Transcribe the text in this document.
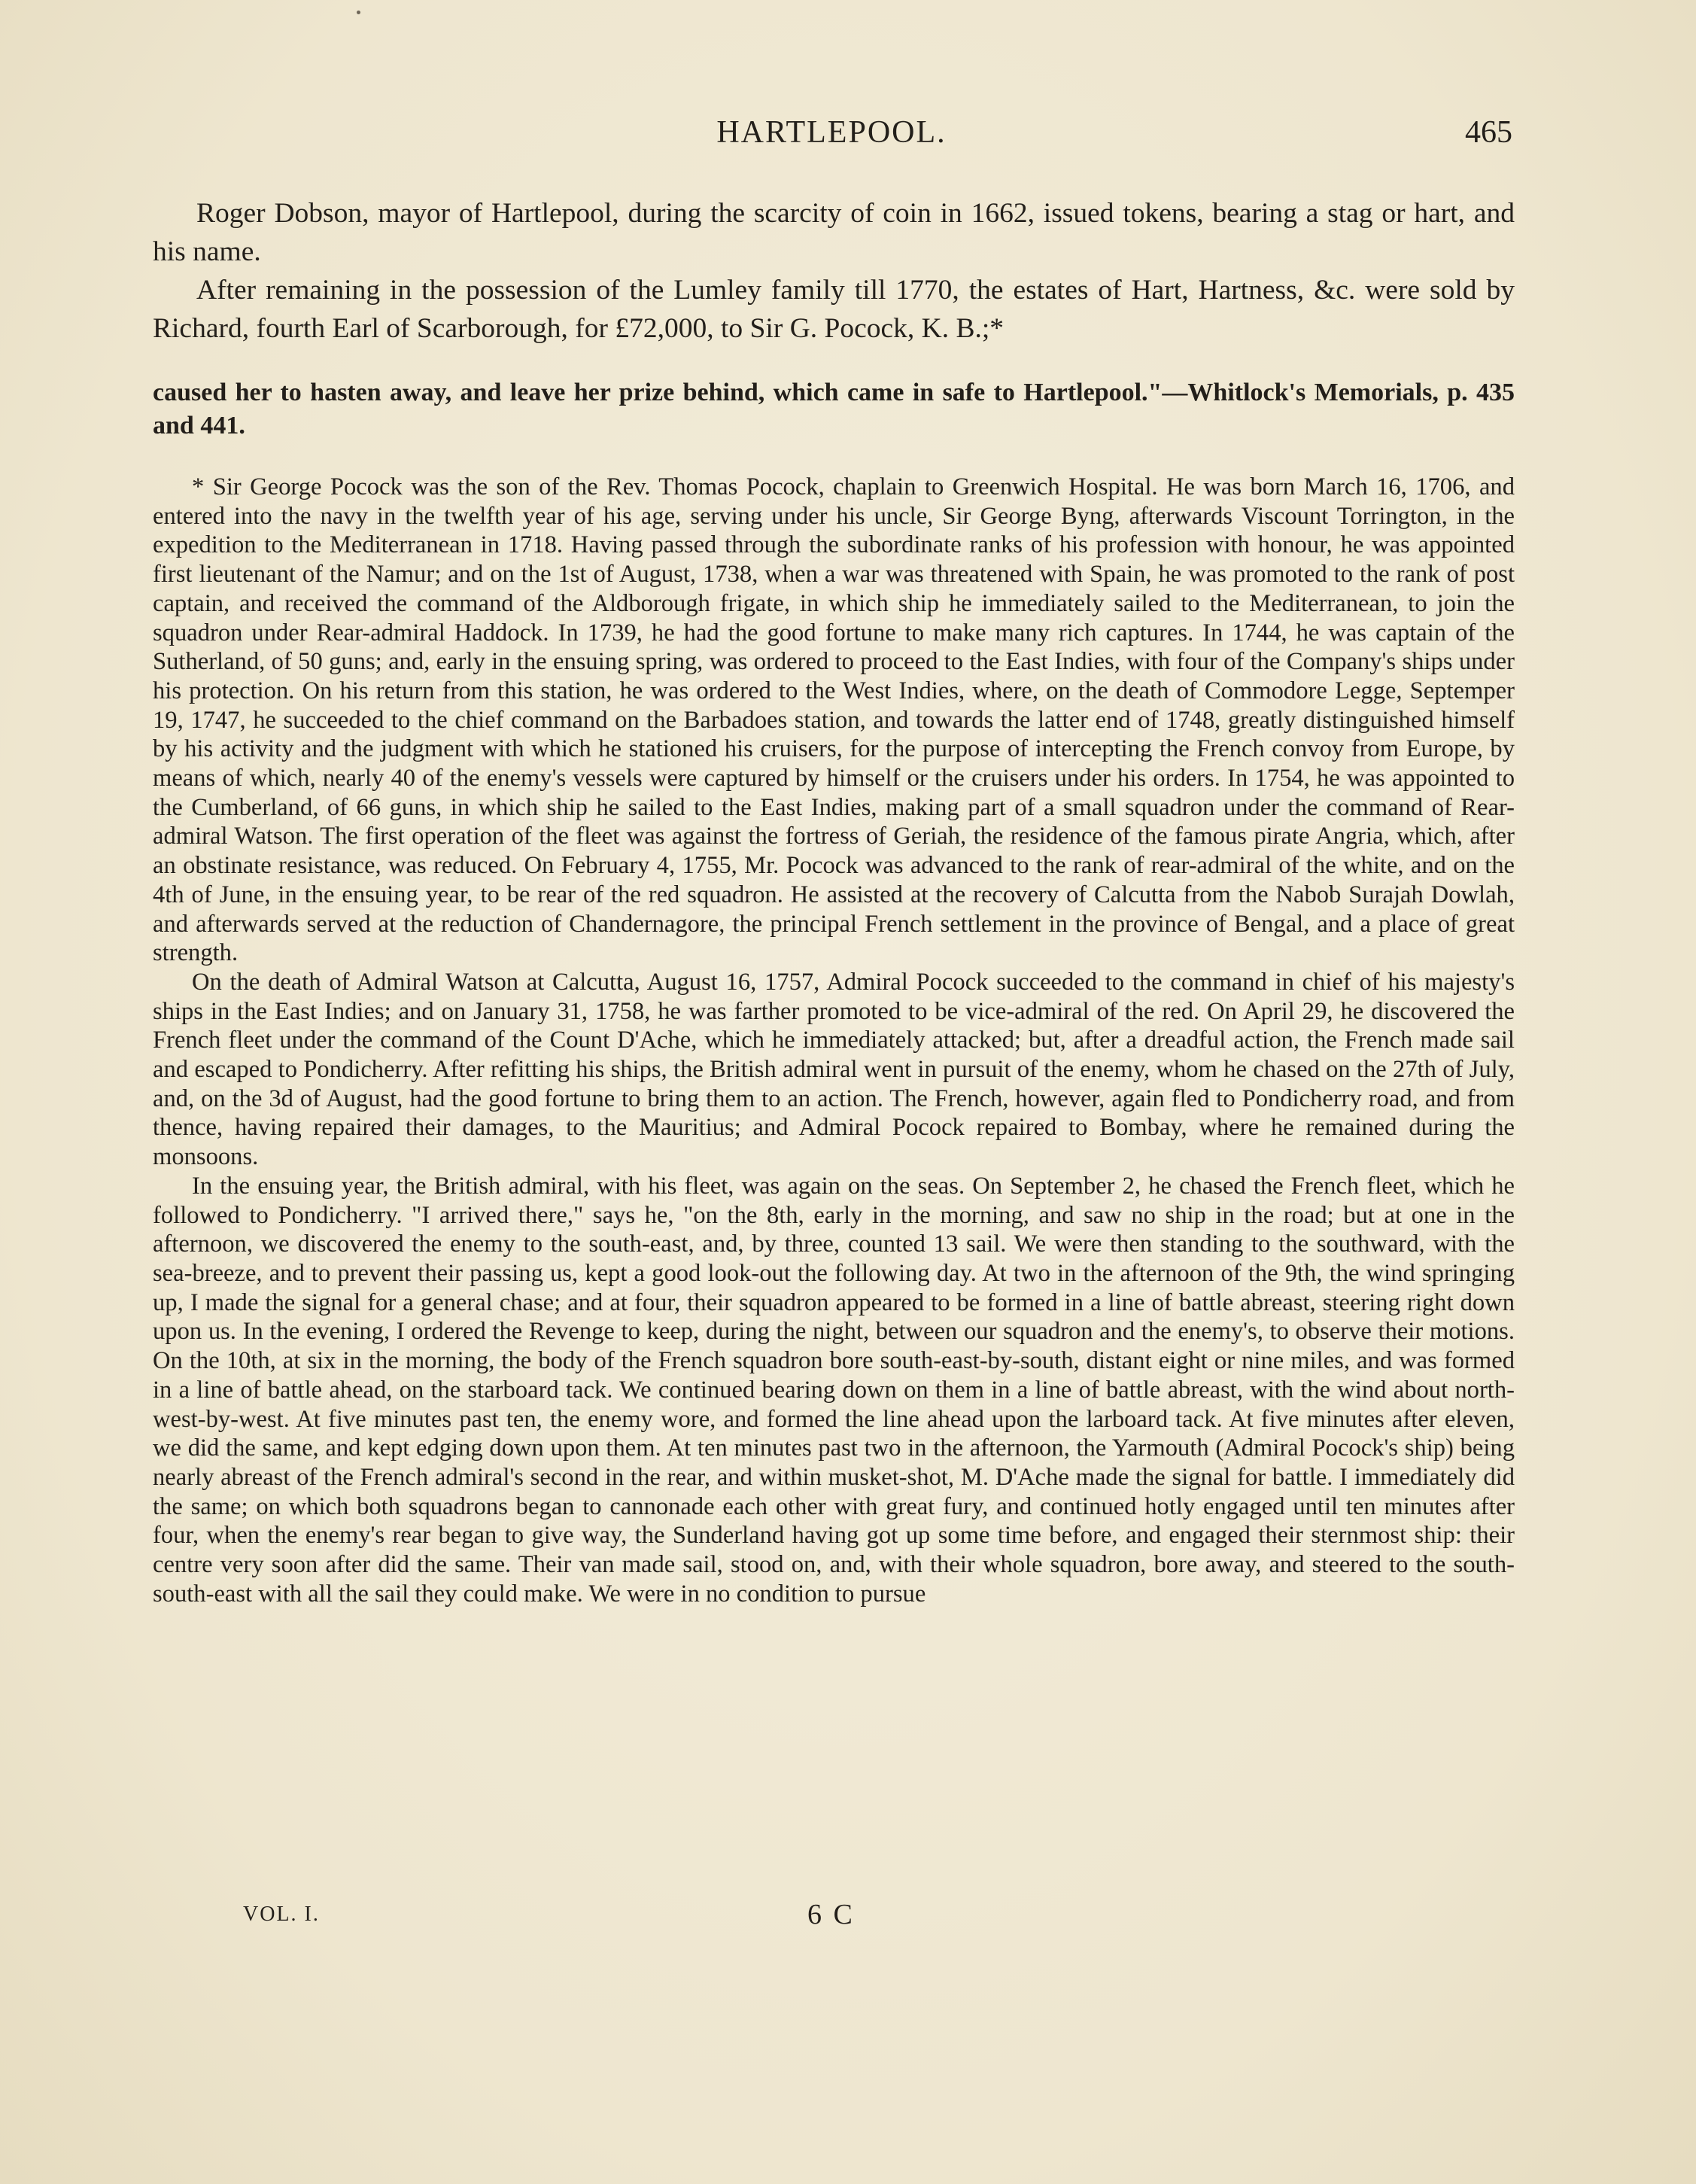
HARTLEPOOL.	465

Roger Dobson, mayor of Hartlepool, during the scarcity of coin in 1662, issued tokens, bearing a stag or hart, and his name.

After remaining in the possession of the Lumley family till 1770, the estates of Hart, Hartness, &c. were sold by Richard, fourth Earl of Scarborough, for £72,000, to Sir G. Pocock, K. B.;*

caused her to hasten away, and leave her prize behind, which came in safe to Hartlepool."—Whitlock's Memorials, p. 435 and 441.

* Sir George Pocock was the son of the Rev. Thomas Pocock, chaplain to Greenwich Hospital. He was born March 16, 1706, and entered into the navy in the twelfth year of his age, serving under his uncle, Sir George Byng, afterwards Viscount Torrington, in the expedition to the Mediterranean in 1718. Having passed through the subordinate ranks of his profession with honour, he was appointed first lieutenant of the Namur; and on the 1st of August, 1738, when a war was threatened with Spain, he was promoted to the rank of post captain, and received the command of the Aldborough frigate, in which ship he immediately sailed to the Mediterranean, to join the squadron under Rear-admiral Haddock. In 1739, he had the good fortune to make many rich captures. In 1744, he was captain of the Sutherland, of 50 guns; and, early in the ensuing spring, was ordered to proceed to the East Indies, with four of the Company's ships under his protection. On his return from this station, he was ordered to the West Indies, where, on the death of Commodore Legge, Septemper 19, 1747, he succeeded to the chief command on the Barbadoes station, and towards the latter end of 1748, greatly distinguished himself by his activity and the judgment with which he stationed his cruisers, for the purpose of intercepting the French convoy from Europe, by means of which, nearly 40 of the enemy's vessels were captured by himself or the cruisers under his orders. In 1754, he was appointed to the Cumberland, of 66 guns, in which ship he sailed to the East Indies, making part of a small squadron under the command of Rear-admiral Watson. The first operation of the fleet was against the fortress of Geriah, the residence of the famous pirate Angria, which, after an obstinate resistance, was reduced. On February 4, 1755, Mr. Pocock was advanced to the rank of rear-admiral of the white, and on the 4th of June, in the ensuing year, to be rear of the red squadron. He assisted at the recovery of Calcutta from the Nabob Surajah Dowlah, and afterwards served at the reduction of Chandernagore, the principal French settlement in the province of Bengal, and a place of great strength.

On the death of Admiral Watson at Calcutta, August 16, 1757, Admiral Pocock succeeded to the command in chief of his majesty's ships in the East Indies; and on January 31, 1758, he was farther promoted to be vice-admiral of the red. On April 29, he discovered the French fleet under the command of the Count D'Ache, which he immediately attacked; but, after a dreadful action, the French made sail and escaped to Pondicherry. After refitting his ships, the British admiral went in pursuit of the enemy, whom he chased on the 27th of July, and, on the 3d of August, had the good fortune to bring them to an action. The French, however, again fled to Pondicherry road, and from thence, having repaired their damages, to the Mauritius; and Admiral Pocock repaired to Bombay, where he remained during the monsoons.

In the ensuing year, the British admiral, with his fleet, was again on the seas. On September 2, he chased the French fleet, which he followed to Pondicherry. "I arrived there," says he, "on the 8th, early in the morning, and saw no ship in the road; but at one in the afternoon, we discovered the enemy to the south-east, and, by three, counted 13 sail. We were then standing to the southward, with the sea-breeze, and to prevent their passing us, kept a good look-out the following day. At two in the afternoon of the 9th, the wind springing up, I made the signal for a general chase; and at four, their squadron appeared to be formed in a line of battle abreast, steering right down upon us. In the evening, I ordered the Revenge to keep, during the night, between our squadron and the enemy's, to observe their motions. On the 10th, at six in the morning, the body of the French squadron bore south-east-by-south, distant eight or nine miles, and was formed in a line of battle ahead, on the starboard tack. We continued bearing down on them in a line of battle abreast, with the wind about north-west-by-west. At five minutes past ten, the enemy wore, and formed the line ahead upon the larboard tack. At five minutes after eleven, we did the same, and kept edging down upon them. At ten minutes past two in the afternoon, the Yarmouth (Admiral Pocock's ship) being nearly abreast of the French admiral's second in the rear, and within musket-shot, M. D'Ache made the signal for battle. I immediately did the same; on which both squadrons began to cannonade each other with great fury, and continued hotly engaged until ten minutes after four, when the enemy's rear began to give way, the Sunderland having got up some time before, and engaged their sternmost ship: their centre very soon after did the same. Their van made sail, stood on, and, with their whole squadron, bore away, and steered to the south-south-east with all the sail they could make. We were in no condition to pursue

VOL. I.	6 C
